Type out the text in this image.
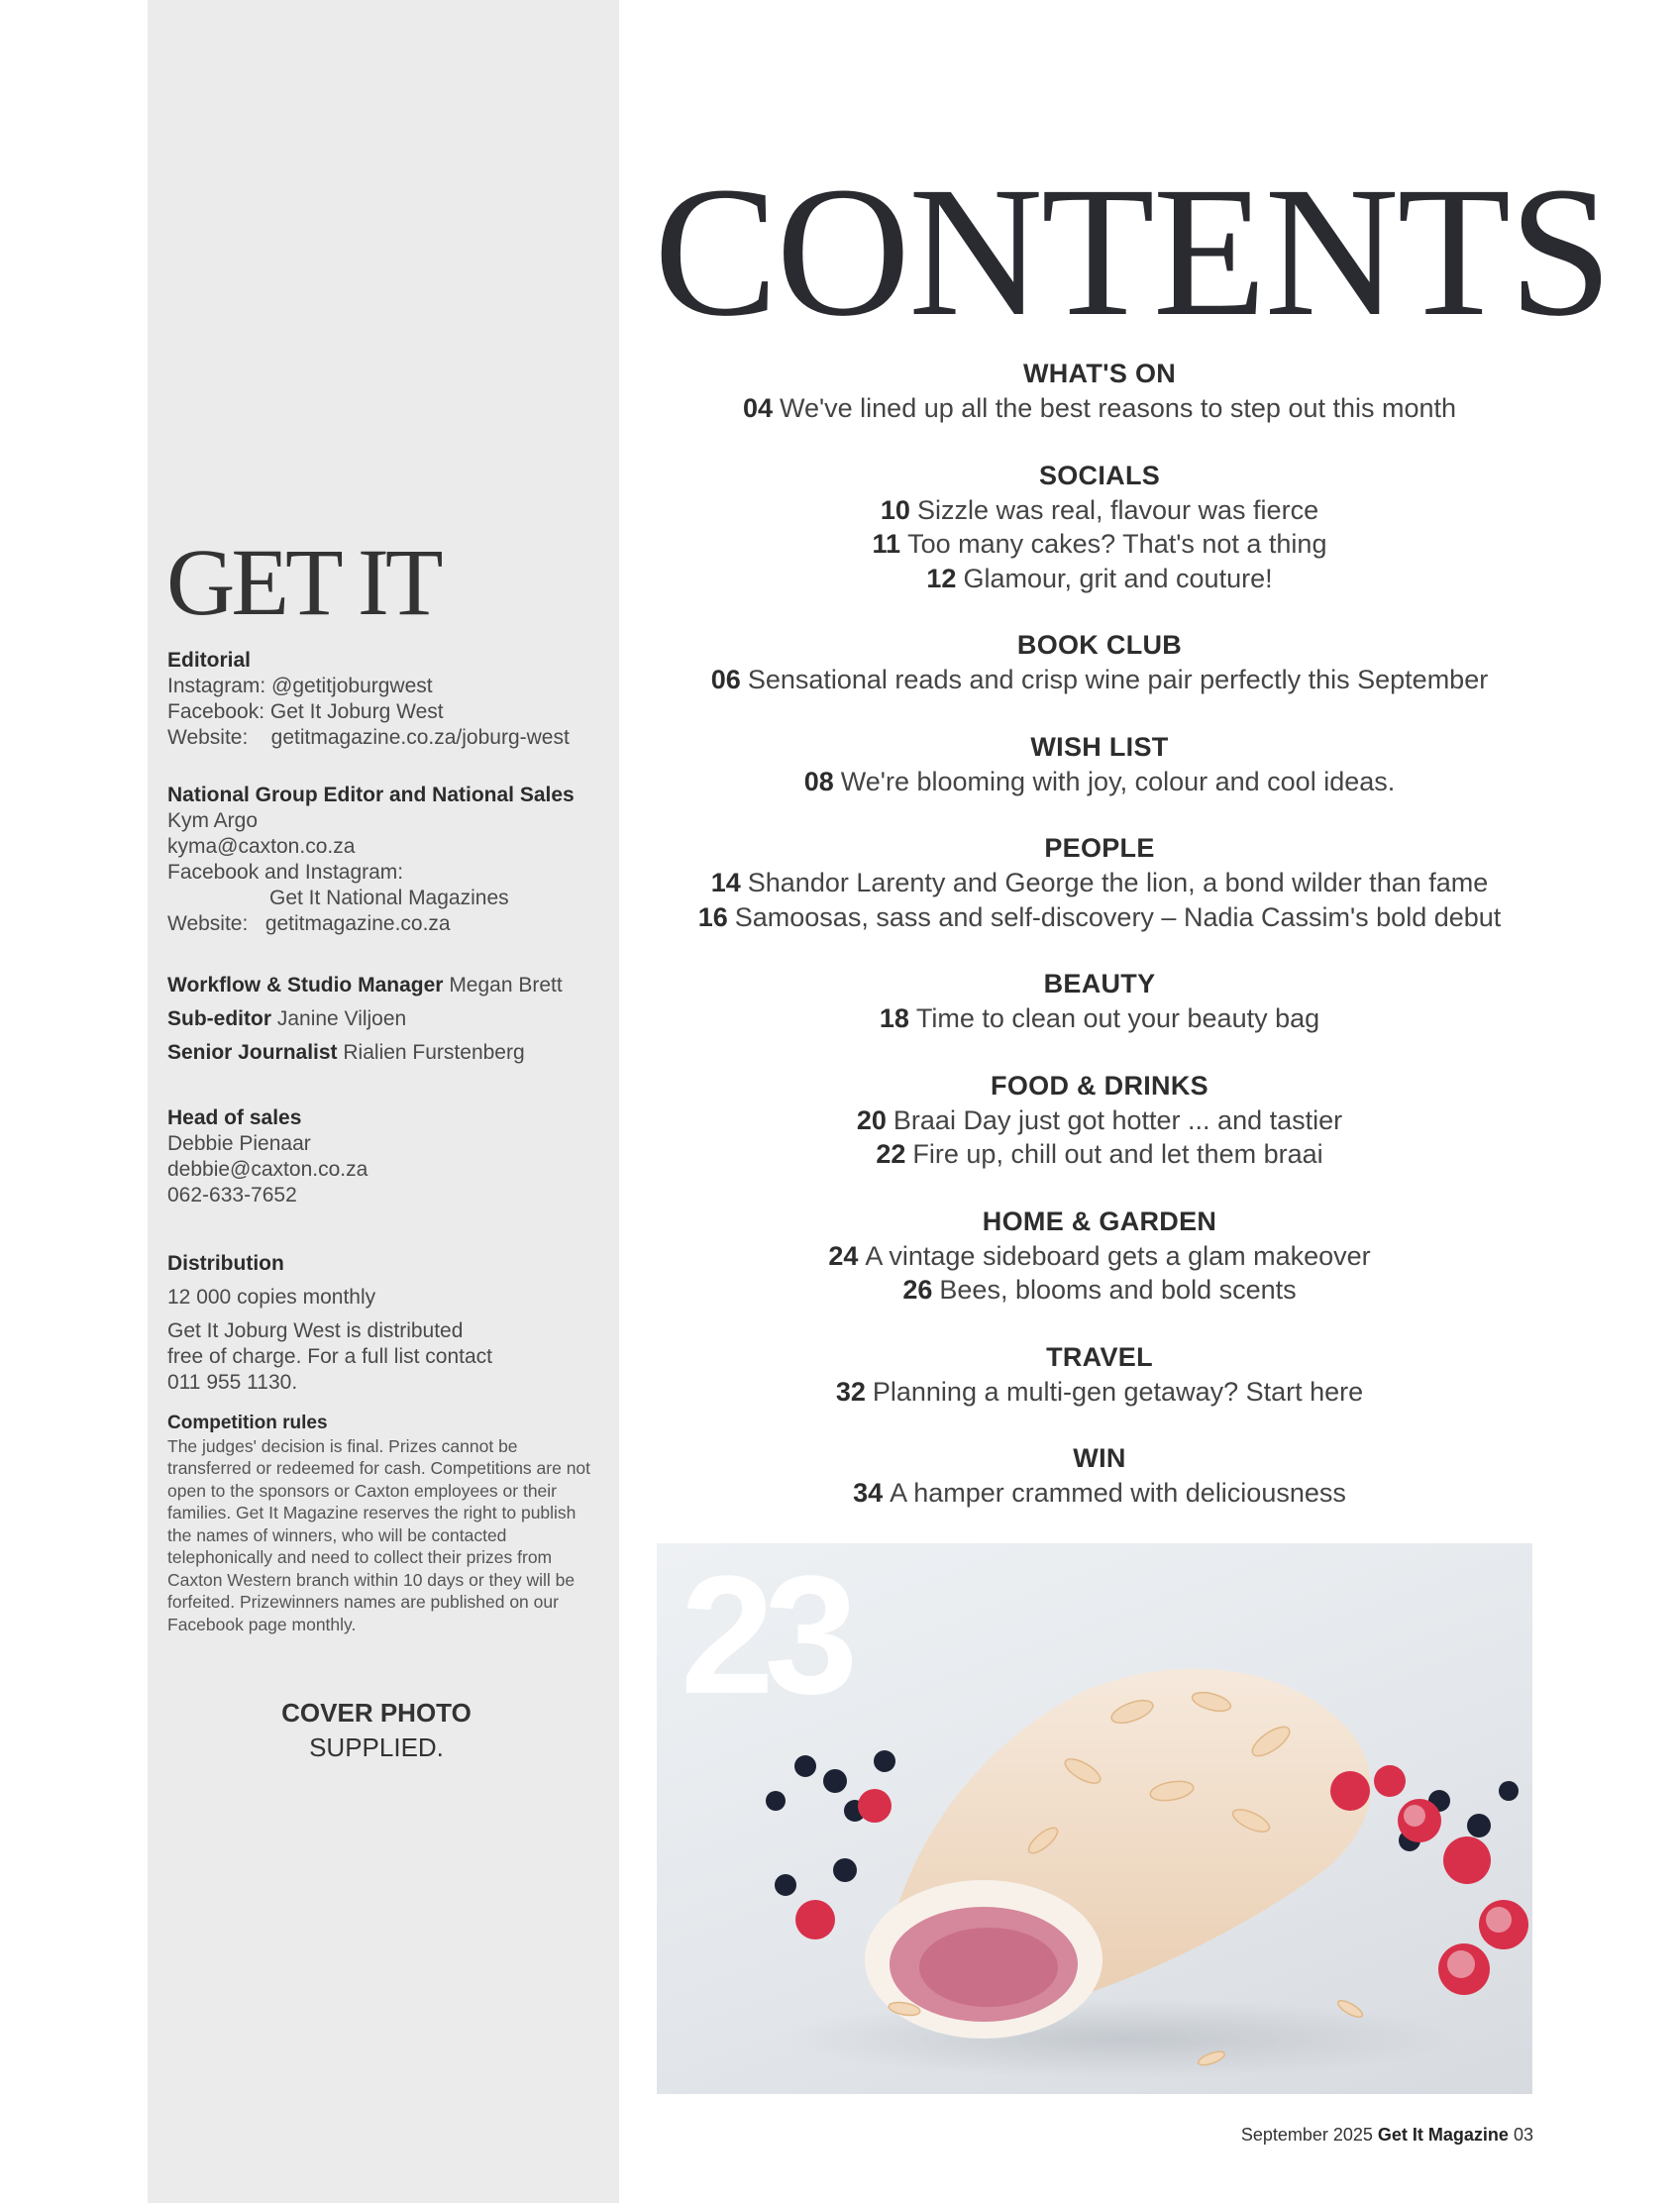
GET IT
Editorial
Instagram: @getitjoburgwest
Facebook: Get It Joburg West
Website:    getitmagazine.co.za/joburg-west
National Group Editor and National Sales
Kym Argo
kyma@caxton.co.za
Facebook and Instagram:
Get It National Magazines
Website:   getitmagazine.co.za
Workflow & Studio Manager Megan Brett
Sub-editor Janine Viljoen
Senior Journalist Rialien Furstenberg
Head of sales
Debbie Pienaar
debbie@caxton.co.za
062-633-7652
Distribution
12 000 copies monthly
Get It Joburg West is distributed
free of charge. For a full list contact
011 955 1130.
Competition rules
The judges' decision is final. Prizes cannot be transferred or redeemed for cash. Competitions are not open to the sponsors or Caxton employees or their families. Get It Magazine reserves the right to publish the names of winners, who will be contacted telephonically and need to collect their prizes from Caxton Western branch within 10 days or they will be forfeited. Prizewinners names are published on our Facebook page monthly.
COVER PHOTO
SUPPLIED.
CONTENTS
WHAT'S ON
04 We've lined up all the best reasons to step out this month
SOCIALS
10 Sizzle was real, flavour was fierce
11 Too many cakes? That's not a thing
12 Glamour, grit and couture!
BOOK CLUB
06 Sensational reads and crisp wine pair perfectly this September
WISH LIST
08 We're blooming with joy, colour and cool ideas.
PEOPLE
14 Shandor Larenty and George the lion, a bond wilder than fame
16 Samoosas, sass and self-discovery – Nadia Cassim's bold debut
BEAUTY
18 Time to clean out your beauty bag
FOOD & DRINKS
20 Braai Day just got hotter ... and tastier
22 Fire up, chill out and let them braai
HOME & GARDEN
24 A vintage sideboard gets a glam makeover
26 Bees, blooms and bold scents
TRAVEL
32 Planning a multi-gen getaway? Start here
WIN
34 A hamper crammed with deliciousness
23
September 2025 Get It Magazine 03
